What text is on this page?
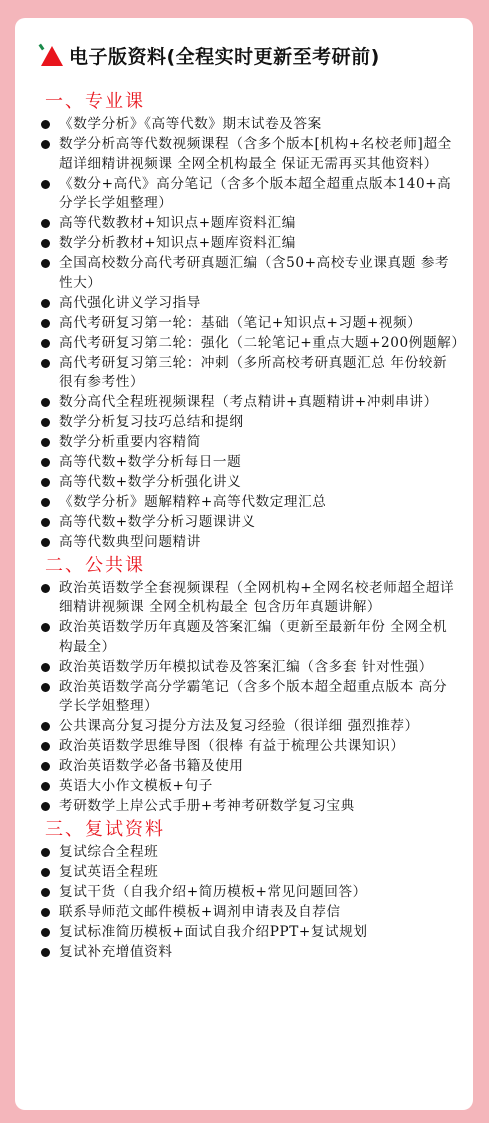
电子版资料(全程实时更新至考研前)
一、专业课
《数学分析》《高等代数》期末试卷及答案
数学分析高等代数视频课程（含多个版本[机构+名校老师]超全超详细精讲视频课 全网全机构最全 保证无需再买其他资料）
《数分+高代》高分笔记（含多个版本超全超重点版本140+高分学长学姐整理）
高等代数教材+知识点+题库资料汇编
数学分析教材+知识点+题库资料汇编
全国高校数分高代考研真题汇编（含50+高校专业课真题 参考性大）
高代强化讲义学习指导
高代考研复习第一轮：基础（笔记+知识点+习题+视频）
高代考研复习第二轮：强化（二轮笔记+重点大题+200例题解）
高代考研复习第三轮：冲刺（多所高校考研真题汇总 年份较新 很有参考性）
数分高代全程班视频课程（考点精讲+真题精讲+冲刺串讲）
数学分析复习技巧总结和提纲
数学分析重要内容精简
高等代数+数学分析每日一题
高等代数+数学分析强化讲义
《数学分析》题解精粹+高等代数定理汇总
高等代数+数学分析习题课讲义
高等代数典型问题精讲
二、公共课
政治英语数学全套视频课程（全网机构+全网名校老师超全超详细精讲视频课 全网全机构最全 包含历年真题讲解）
政治英语数学历年真题及答案汇编（更新至最新年份 全网全机构最全）
政治英语数学历年模拟试卷及答案汇编（含多套 针对性强）
政治英语数学高分学霸笔记（含多个版本超全超重点版本 高分学长学姐整理）
公共课高分复习提分方法及复习经验（很详细 强烈推荐）
政治英语数学思维导图（很棒 有益于梳理公共课知识）
政治英语数学必备书籍及使用
英语大小作文模板+句子
考研数学上岸公式手册+考神考研数学复习宝典
三、复试资料
复试综合全程班
复试英语全程班
复试干货（自我介绍+简历模板+常见问题回答）
联系导师范文邮件模板+调剂申请表及自荐信
复试标准简历模板+面试自我介绍PPT+复试规划
复试补充增值资料
